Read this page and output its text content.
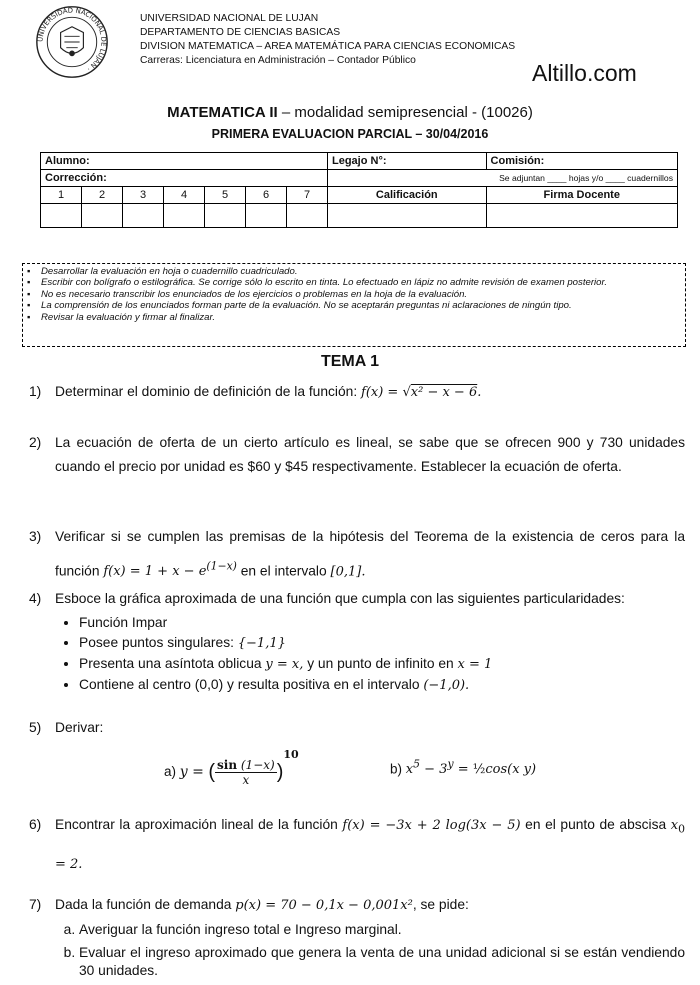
UNIVERSIDAD NACIONAL DE LUJAN ·
UNIVERSIDAD NACIONAL DE LUJAN
DEPARTAMENTO DE CIENCIAS BASICAS
DIVISION MATEMATICA – AREA MATEMÁTICA PARA CIENCIAS ECONOMICAS
Carreras: Licenciatura en Administración – Contador Público	Altillo.com
MATEMATICA II – modalidad semipresencial - (10026)
PRIMERA EVALUACION PARCIAL – 30/04/2016
Alumno:							Legajo N°:	Comisión:
Corrección:							Se adjuntan ____ hojas y/o ____ cuadernillos	
1	2	3	4	5	6	7	Calificación	Firma Docente

▪ Desarrollar la evaluación en hoja o cuadernillo cuadriculado.
▪ Escribir con bolígrafo o estilográfica. Se corrige sólo lo escrito en tinta. Lo efectuado en lápiz no admite revisión de examen posterior.
▪ No es necesario transcribir los enunciados de los ejercicios o problemas en la hoja de la evaluación.
▪ La comprensión de los enunciados forman parte de la evaluación. No se aceptarán preguntas ni aclaraciones de ningún tipo.
▪ Revisar la evaluación y firmar al finalizar.
TEMA 1
1) Determinar el dominio de definición de la función: f(x) = √x² − x − 6.
2) La ecuación de oferta de un cierto artículo es lineal, se sabe que se ofrecen 900 y 730 unidades cuando el precio por unidad es $60 y $45 respectivamente. Establecer la ecuación de oferta.
3) Verificar si se cumplen las premisas de la hipótesis del Teorema de la existencia de ceros para la función $f(x) = 1 + x - e^{(1-x)}$ en el intervalo [0,1].
4) Esboce la gráfica aproximada de una función que cumpla con las siguientes particularidades:
• Función Impar
• Posee puntos singulares: {−1,1}
• Presenta una asíntota oblicua y = x, y un punto de infinito en x = 1
• Contiene al centro (0,0) y resulta positiva en el intervalo (−1,0).
5) Derivar:
a) y = ( $\frac{\sin (1-x)}{x} )^{10}$
b) $x^5 - 3^y$ = ½cos(x y)
6) Encontrar la aproximación lineal de la función f(x) = −3x + 2 log(3x − 5) en el punto de abscisa $x_0 = 2$.
7) Dada la función de demanda p(x) = 70 − 0,1x − 0,001x², se pide:
a. Averiguar la función ingreso total e Ingreso marginal.
b. Evaluar el ingreso aproximado que genera la venta de una unidad adicional si se están vendiendo 30 unidades.
